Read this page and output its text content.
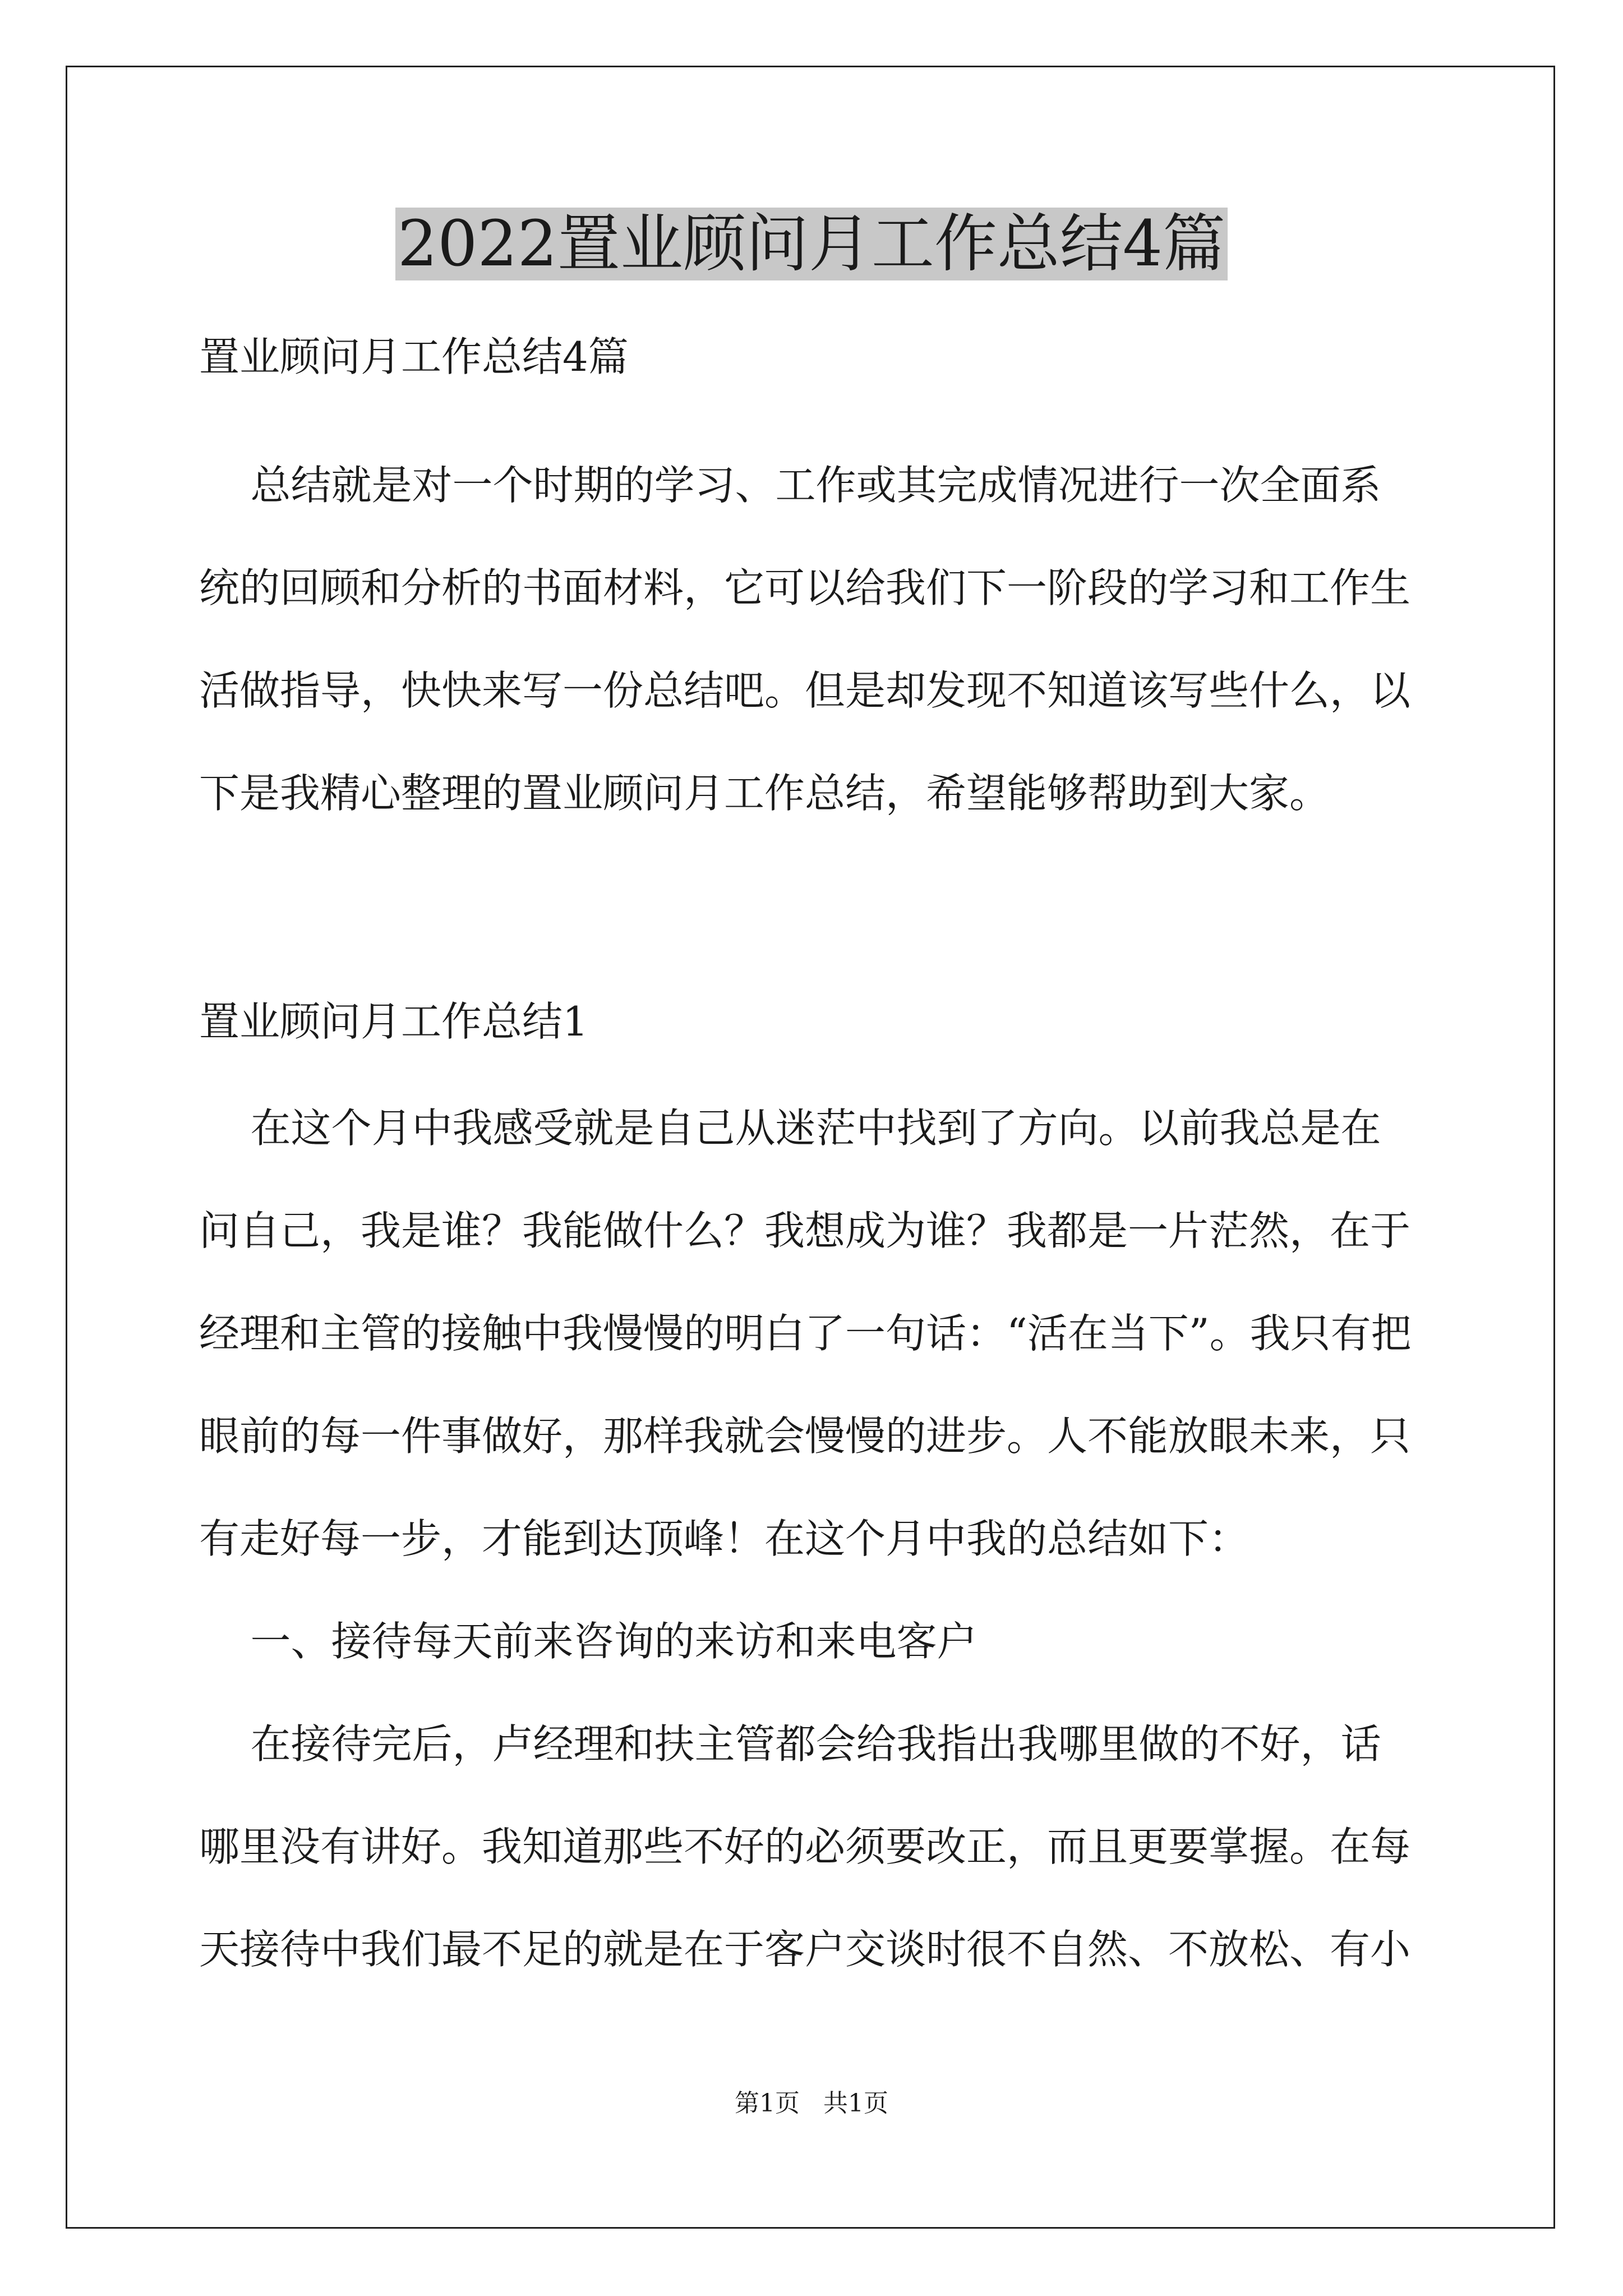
2022置业顾问月工作总结4篇
置业顾问月工作总结4篇
总结就是对一个时期的学习、工作或其完成情况进行一次全面系
统的回顾和分析的书面材料，它可以给我们下一阶段的学习和工作生
活做指导，快快来写一份总结吧。但是却发现不知道该写些什么，以
下是我精心整理的置业顾问月工作总结，希望能够帮助到大家。
置业顾问月工作总结1
在这个月中我感受就是自己从迷茫中找到了方向。以前我总是在
问自己，我是谁？我能做什么？我想成为谁？我都是一片茫然，在于
经理和主管的接触中我慢慢的明白了一句话：“活在当下”。我只有把
眼前的每一件事做好，那样我就会慢慢的进步。人不能放眼未来，只
有走好每一步，才能到达顶峰！在这个月中我的总结如下：
一、接待每天前来咨询的来访和来电客户
在接待完后，卢经理和扶主管都会给我指出我哪里做的不好，话
哪里没有讲好。我知道那些不好的必须要改正，而且更要掌握。在每
天接待中我们最不足的就是在于客户交谈时很不自然、不放松、有小
第1页 共1页
